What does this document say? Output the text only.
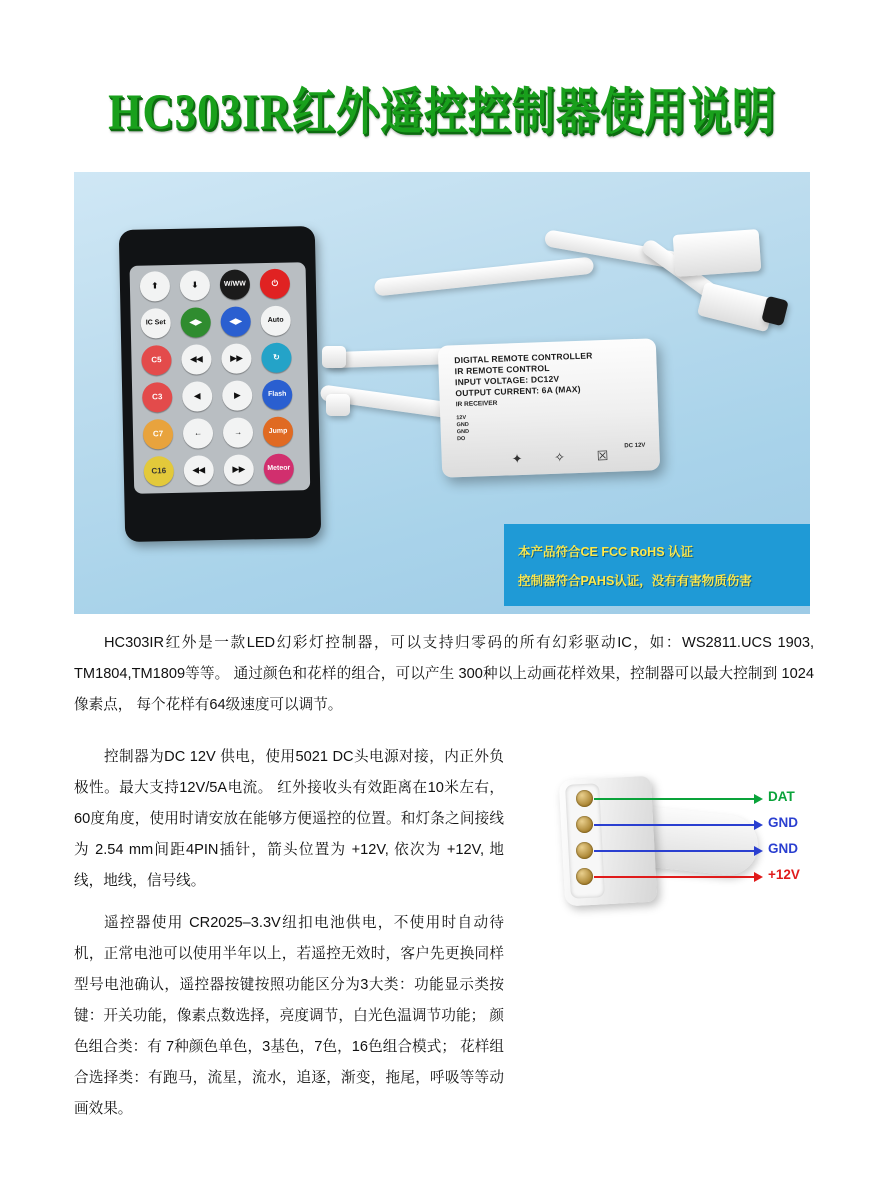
HC303IR红外遥控控制器使用说明
⬆	⬇	W/WW	⏻
IC Set	◀▶	◀▶	Auto
C5	◀◀	▶▶	↻
C3	◀	▶	Flash
C7	←	→	Jump
C16	◀◀	▶▶	Meteor
DIGITAL REMOTE CONTROLLER
IR REMOTE CONTROL
INPUT VOLTAGE: DC12V
OUTPUT CURRENT: 6A (MAX)
IR RECEIVER
12V
GND
GND
DO
DC 12V
✦ ✧ ☒
本产品符合CE FCC RoHS 认证
控制器符合PAHS认证，没有有害物质伤害
HC303IR红外是一款LED幻彩灯控制器，可以支持归零码的所有幻彩驱动IC，如：WS2811.UCS 1903, TM1804,TM1809等等。 通过颜色和花样的组合，可以产生 300种以上动画花样效果，控制器可以最大控制到 1024像素点， 每个花样有64级速度可以调节。
控制器为DC 12V 供电，使用5021 DC头电源对接，内正外负极性。最大支持12V/5A电流。 红外接收头有效距离在10米左右， 60度角度，使用时请安放在能够方便遥控的位置。和灯条之间接线为 2.54 mm间距4PIN插针，箭头位置为 +12V, 依次为 +12V, 地线，地线，信号线。
遥控器使用 CR2025–3.3V纽扣电池供电，不使用时自动待机，正常电池可以使用半年以上，若遥控无效时，客户先更换同样型号电池确认，遥控器按键按照功能区分为3大类：功能显示类按键：开关功能，像素点数选择，亮度调节，白光色温调节功能； 颜色组合类：有 7种颜色单色，3基色，7色，16色组合模式； 花样组合选择类：有跑马，流星，流水，追逐，渐变，拖尾，呼吸等等动画效果。
DAT
GND
GND
+12V
